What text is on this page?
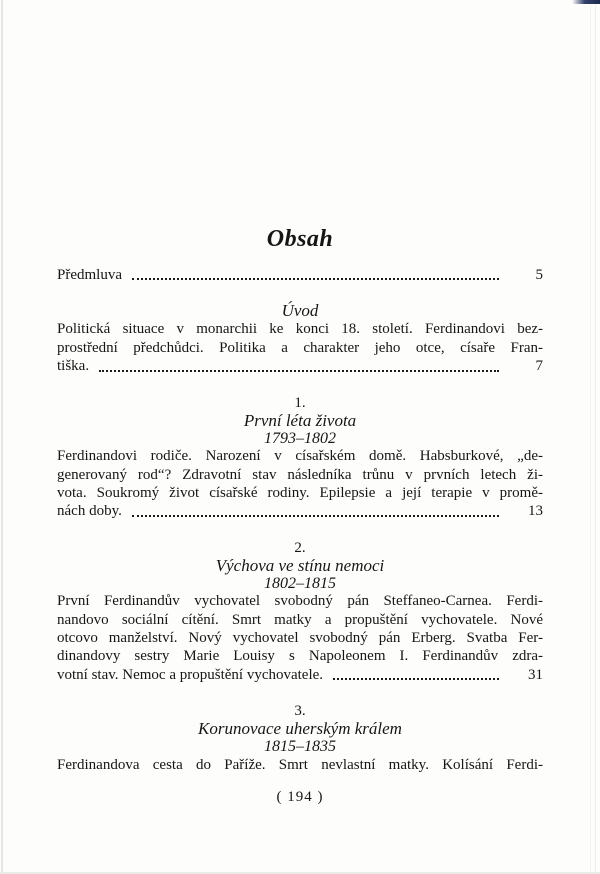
Obsah
Předmluva	5
Úvod
Politická situace v monarchii ke konci 18. století. Ferdinandovi bez-
prostřední předchůdci. Politika a charakter jeho otce, císaře Fran-
tiška.	7
1.
První léta života
1793–1802
Ferdinandovi rodiče. Narození v císařském domě. Habsburkové, „de-
generovaný rod“? Zdravotní stav následníka trůnu v prvních letech ži-
vota. Soukromý život císařské rodiny. Epilepsie a její terapie v promě-
nách doby.	13
2.
Výchova ve stínu nemoci
1802–1815
První Ferdinandův vychovatel svobodný pán Steffaneo-Carnea. Ferdi-
nandovo sociální cítění. Smrt matky a propuštění vychovatele. Nové
otcovo manželství. Nový vychovatel svobodný pán Erberg. Svatba Fer-
dinandovy sestry Marie Louisy s Napoleonem I. Ferdinandův zdra-
votní stav. Nemoc a propuštění vychovatele.	31
3.
Korunovace uherským králem
1815–1835
Ferdinandova cesta do Paříže. Smrt nevlastní matky. Kolísání Ferdi-
( 194 )
